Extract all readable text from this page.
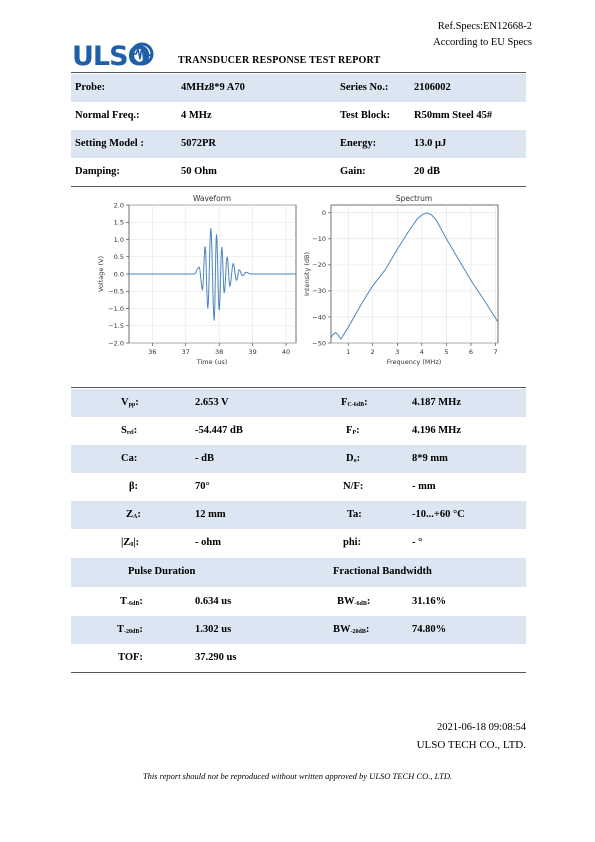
Ref.Specs:EN12668-2
According to EU Specs
ULSO	TRANSDUCER RESPONSE TEST REPORT
Probe:	4MHz8*9 A70	Series No.: 2106002
Normal Freq.:	4 MHz	Test Block: R50mm Steel 45#
Setting Model :	5072PR	Energy:	13.0 μJ
Damping:	50 Ohm	Gain:	20 dB
Waveform
36	37	38	39	40
2.0
1.5
1.0
0.5
0.0
−0.5
−1.0
−1.5
−2.0
Time (us)
Voltage (V)
Spectrum
1	2	3	4	5	6	7
0
−10
−20
−30
−40
−50
Frequency (MHz)
Intensity (dB)
$V_{pp}$:	2.653 V	$F_{C-6dB}$:	4.187 MHz
$S_{rel}$:	-54.447 dB	$F_P$:	4.196 MHz
Ca:	- dB	$D_o$:	8*9 mm
β:	70°	N/F:	- mm
$Z_A$:	12 mm	Ta:	-10...+60 °C
$|Z_0|$:	- ohm	phi:	- °
Pulse Duration	Fractional Bandwidth
$T_{-6dB}$:	0.634 us	$BW_{-6dB}$:	31.16%
$T_{-20dB}$:	1.302 us	$BW_{-20dB}$:	74.80%
TOF:	37.290 us
2021-06-18 09:08:54
ULSO TECH CO., LTD.
This report should not be reproduced without written approved by ULSO TECH CO., LTD.
